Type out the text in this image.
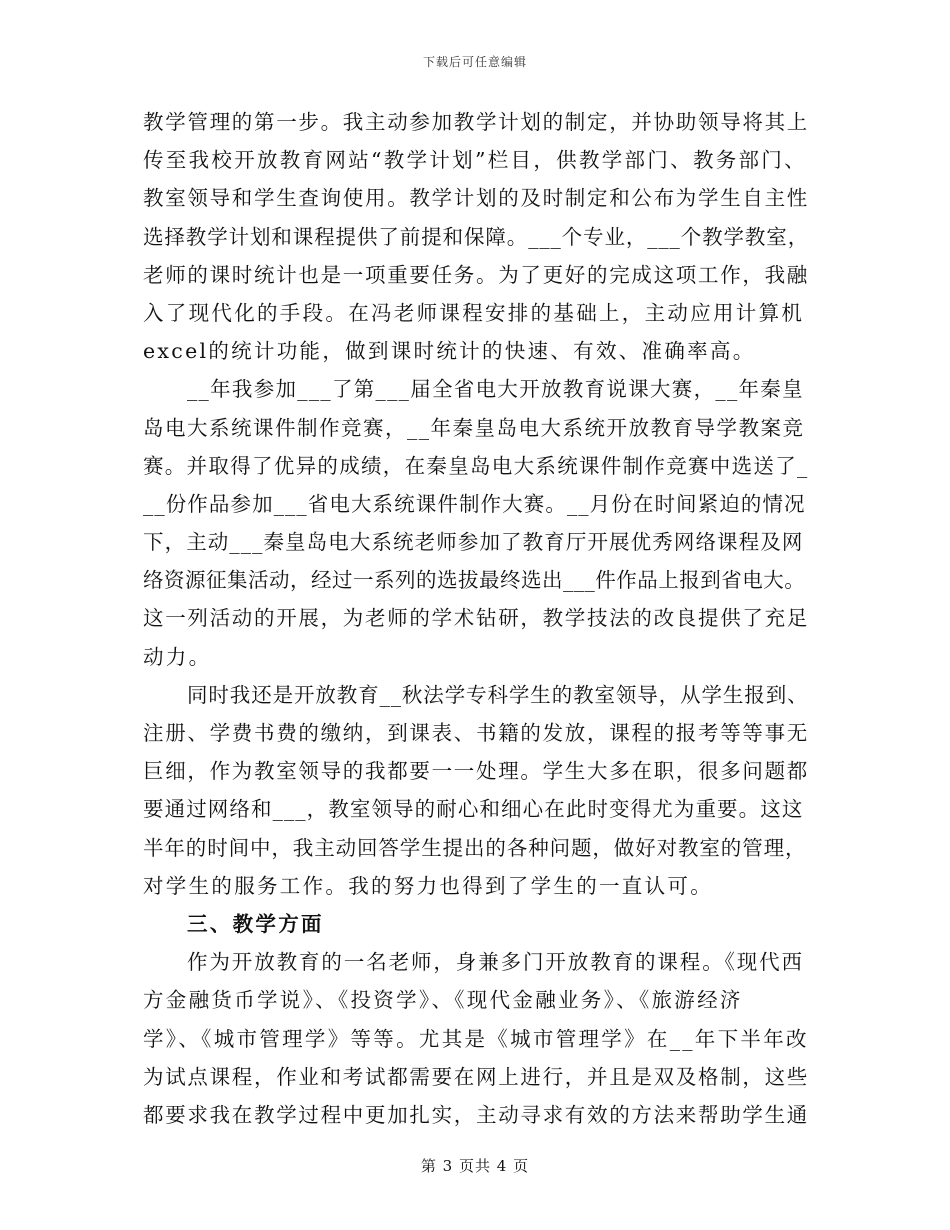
下载后可任意编辑
教学管理的第一步。我主动参加教学计划的制定，并协助领导将其上
传至我校开放教育网站“教学计划”栏目，供教学部门、教务部门、
教室领导和学生查询使用。教学计划的及时制定和公布为学生自主性
选择教学计划和课程提供了前提和保障。___个专业，___个教学教室，
老师的课时统计也是一项重要任务。为了更好的完成这项工作，我融
入了现代化的手段。在冯老师课程安排的基础上，主动应用计算机
excel的统计功能，做到课时统计的快速、有效、准确率高。
__年我参加___了第___届全省电大开放教育说课大赛，__年秦皇
岛电大系统课件制作竞赛，__年秦皇岛电大系统开放教育导学教案竞
赛。并取得了优异的成绩，在秦皇岛电大系统课件制作竞赛中选送了_
__份作品参加___省电大系统课件制作大赛。__月份在时间紧迫的情况
下，主动___秦皇岛电大系统老师参加了教育厅开展优秀网络课程及网
络资源征集活动，经过一系列的选拔最终选出___件作品上报到省电大。
这一列活动的开展，为老师的学术钻研，教学技法的改良提供了充足
动力。
同时我还是开放教育__秋法学专科学生的教室领导，从学生报到、
注册、学费书费的缴纳，到课表、书籍的发放，课程的报考等等事无
巨细，作为教室领导的我都要一一处理。学生大多在职，很多问题都
要通过网络和___，教室领导的耐心和细心在此时变得尤为重要。这这
半年的时间中，我主动回答学生提出的各种问题，做好对教室的管理，
对学生的服务工作。我的努力也得到了学生的一直认可。
三、教学方面
作为开放教育的一名老师，身兼多门开放教育的课程。《现代西
方金融货币学说》、《投资学》、《现代金融业务》、《旅游经济
学》、《城市管理学》等等。尤其是《城市管理学》在__年下半年改
为试点课程，作业和考试都需要在网上进行，并且是双及格制，这些
都要求我在教学过程中更加扎实，主动寻求有效的方法来帮助学生通
第 3 页共 4 页
